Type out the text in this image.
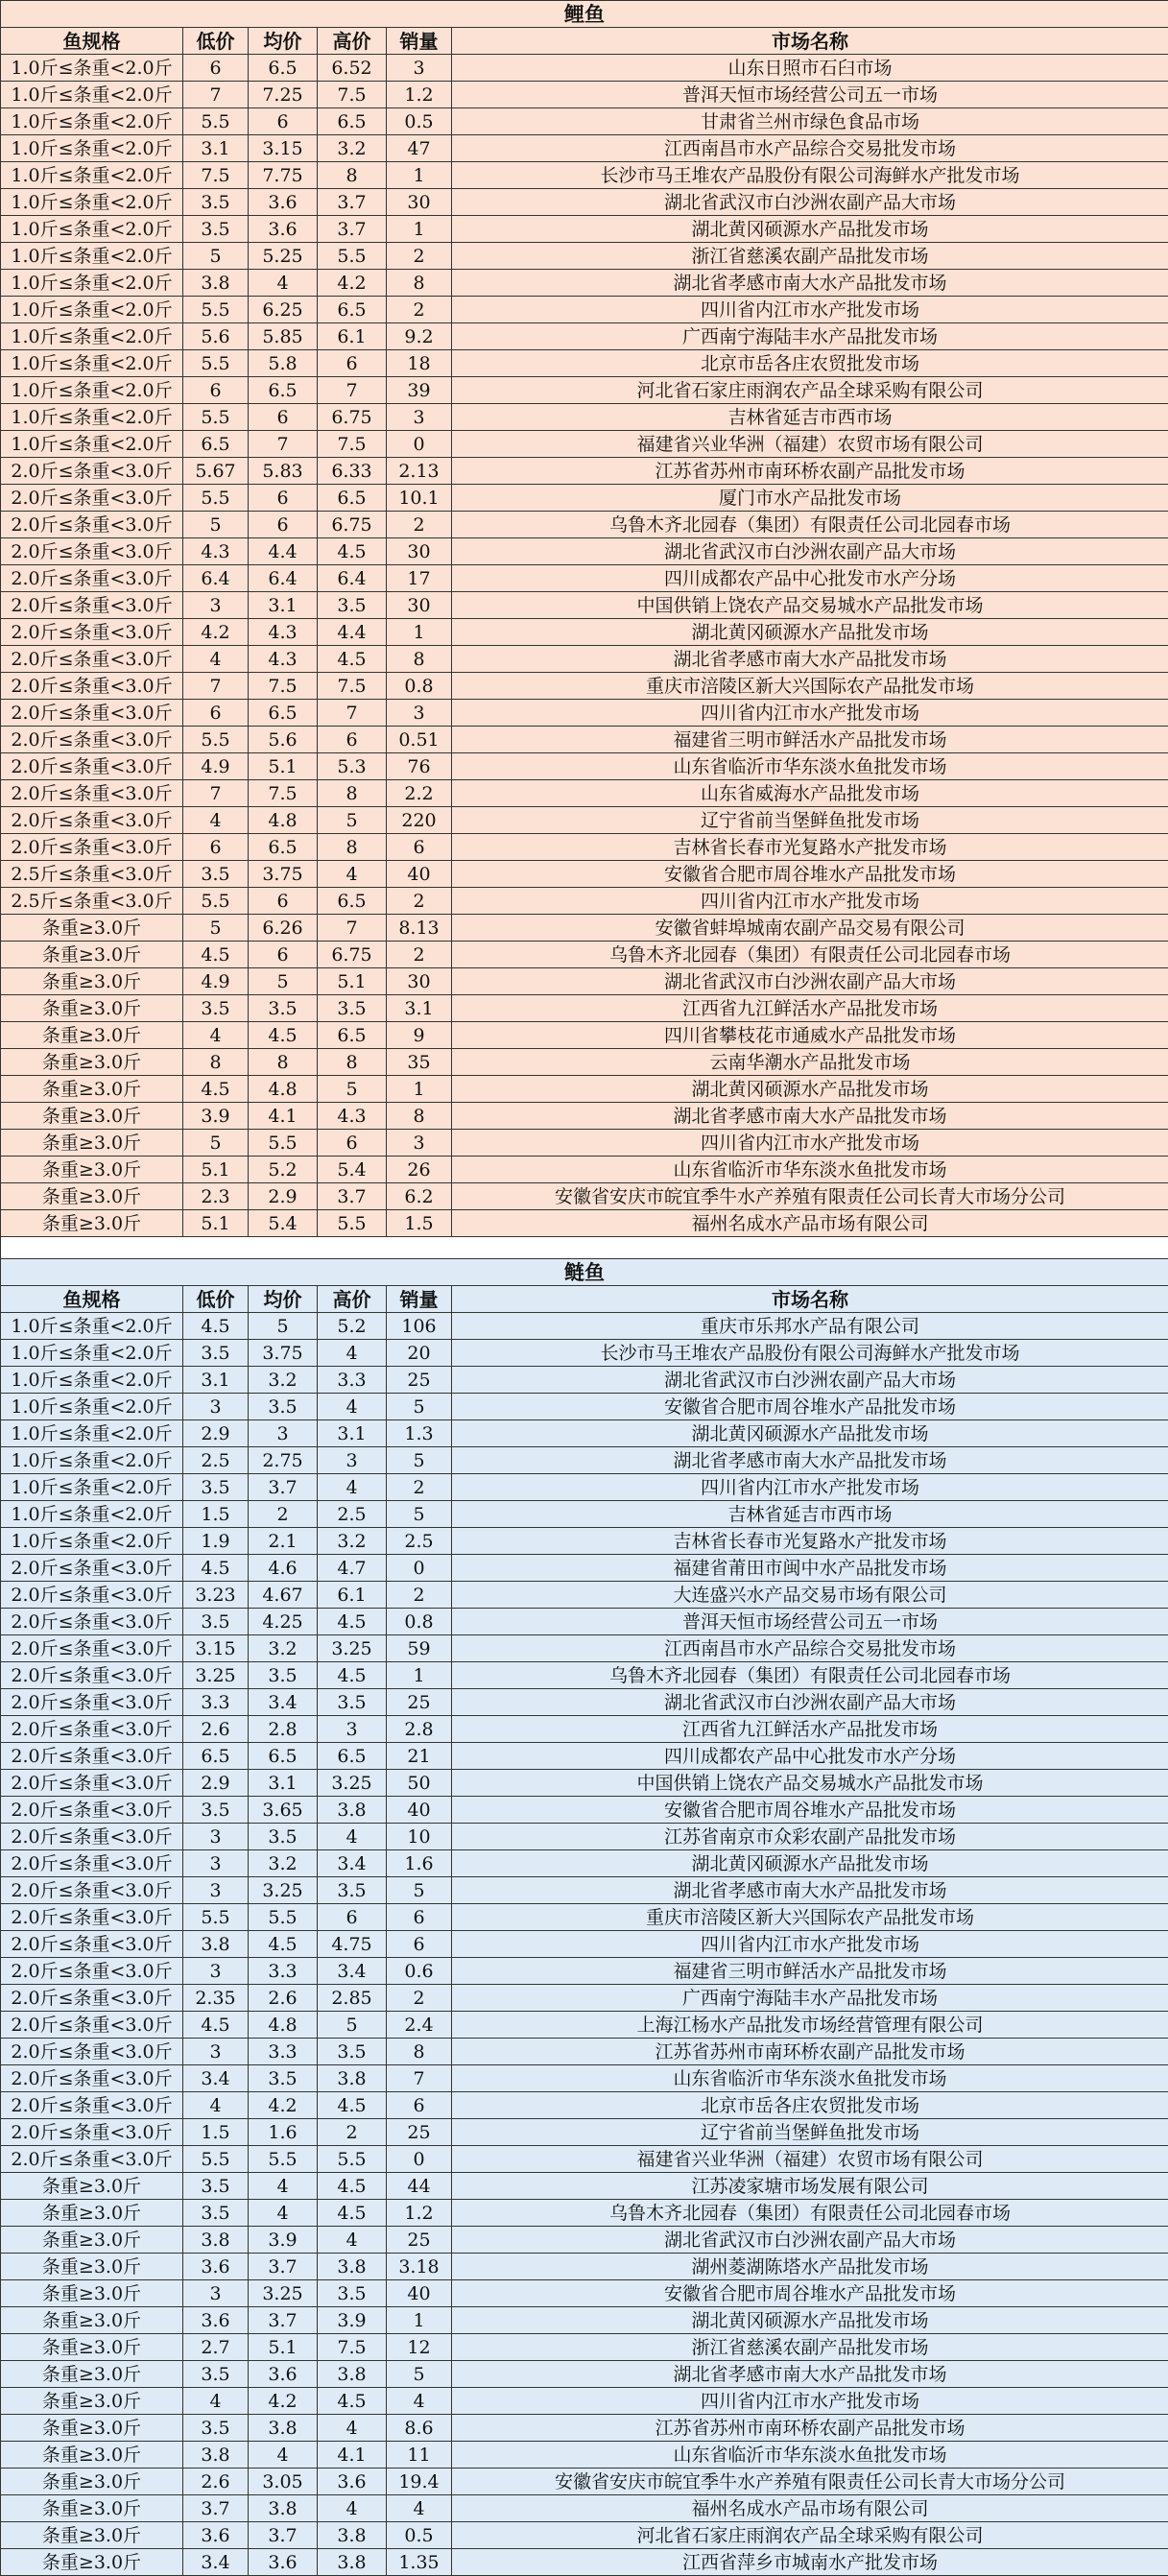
鲤鱼					
鱼规格	低价	均价	高价	销量	市场名称
1.0斤≤条重<2.0斤	6	6.5	6.52	3	山东日照市石臼市场
1.0斤≤条重<2.0斤	7	7.25	7.5	1.2	普洱天恒市场经营公司五一市场
1.0斤≤条重<2.0斤	5.5	6	6.5	0.5	甘肃省兰州市绿色食品市场
1.0斤≤条重<2.0斤	3.1	3.15	3.2	47	江西南昌市水产品综合交易批发市场
1.0斤≤条重<2.0斤	7.5	7.75	8	1	长沙市马王堆农产品股份有限公司海鲜水产批发市场
1.0斤≤条重<2.0斤	3.5	3.6	3.7	30	湖北省武汉市白沙洲农副产品大市场
1.0斤≤条重<2.0斤	3.5	3.6	3.7	1	湖北黄冈硕源水产品批发市场
1.0斤≤条重<2.0斤	5	5.25	5.5	2	浙江省慈溪农副产品批发市场
1.0斤≤条重<2.0斤	3.8	4	4.2	8	湖北省孝感市南大水产品批发市场
1.0斤≤条重<2.0斤	5.5	6.25	6.5	2	四川省内江市水产批发市场
1.0斤≤条重<2.0斤	5.6	5.85	6.1	9.2	广西南宁海陆丰水产品批发市场
1.0斤≤条重<2.0斤	5.5	5.8	6	18	北京市岳各庄农贸批发市场
1.0斤≤条重<2.0斤	6	6.5	7	39	河北省石家庄雨润农产品全球采购有限公司
1.0斤≤条重<2.0斤	5.5	6	6.75	3	吉林省延吉市西市场
1.0斤≤条重<2.0斤	6.5	7	7.5	0	福建省兴业华洲（福建）农贸市场有限公司
2.0斤≤条重<3.0斤	5.67	5.83	6.33	2.13	江苏省苏州市南环桥农副产品批发市场
2.0斤≤条重<3.0斤	5.5	6	6.5	10.1	厦门市水产品批发市场
2.0斤≤条重<3.0斤	5	6	6.75	2	乌鲁木齐北园春（集团）有限责任公司北园春市场
2.0斤≤条重<3.0斤	4.3	4.4	4.5	30	湖北省武汉市白沙洲农副产品大市场
2.0斤≤条重<3.0斤	6.4	6.4	6.4	17	四川成都农产品中心批发市水产分场
2.0斤≤条重<3.0斤	3	3.1	3.5	30	中国供销上饶农产品交易城水产品批发市场
2.0斤≤条重<3.0斤	4.2	4.3	4.4	1	湖北黄冈硕源水产品批发市场
2.0斤≤条重<3.0斤	4	4.3	4.5	8	湖北省孝感市南大水产品批发市场
2.0斤≤条重<3.0斤	7	7.5	7.5	0.8	重庆市涪陵区新大兴国际农产品批发市场
2.0斤≤条重<3.0斤	6	6.5	7	3	四川省内江市水产批发市场
2.0斤≤条重<3.0斤	5.5	5.6	6	0.51	福建省三明市鲜活水产品批发市场
2.0斤≤条重<3.0斤	4.9	5.1	5.3	76	山东省临沂市华东淡水鱼批发市场
2.0斤≤条重<3.0斤	7	7.5	8	2.2	山东省威海水产品批发市场
2.0斤≤条重<3.0斤	4	4.8	5	220	辽宁省前当堡鲜鱼批发市场
2.0斤≤条重<3.0斤	6	6.5	8	6	吉林省长春市光复路水产批发市场
2.5斤≤条重<3.0斤	3.5	3.75	4	40	安徽省合肥市周谷堆水产品批发市场
2.5斤≤条重<3.0斤	5.5	6	6.5	2	四川省内江市水产批发市场
条重≥3.0斤	5	6.26	7	8.13	安徽省蚌埠城南农副产品交易有限公司
条重≥3.0斤	4.5	6	6.75	2	乌鲁木齐北园春（集团）有限责任公司北园春市场
条重≥3.0斤	4.9	5	5.1	30	湖北省武汉市白沙洲农副产品大市场
条重≥3.0斤	3.5	3.5	3.5	3.1	江西省九江鲜活水产品批发市场
条重≥3.0斤	4	4.5	6.5	9	四川省攀枝花市通威水产品批发市场
条重≥3.0斤	8	8	8	35	云南华潮水产品批发市场
条重≥3.0斤	4.5	4.8	5	1	湖北黄冈硕源水产品批发市场
条重≥3.0斤	3.9	4.1	4.3	8	湖北省孝感市南大水产品批发市场
条重≥3.0斤	5	5.5	6	3	四川省内江市水产批发市场
条重≥3.0斤	5.1	5.2	5.4	26	山东省临沂市华东淡水鱼批发市场
条重≥3.0斤	2.3	2.9	3.7	6.2	安徽省安庆市皖宜季牛水产养殖有限责任公司长青大市场分公司
条重≥3.0斤	5.1	5.4	5.5	1.5	福州名成水产品市场有限公司

鲢鱼					
鱼规格	低价	均价	高价	销量	市场名称
1.0斤≤条重<2.0斤	4.5	5	5.2	106	重庆市乐邦水产品有限公司
1.0斤≤条重<2.0斤	3.5	3.75	4	20	长沙市马王堆农产品股份有限公司海鲜水产批发市场
1.0斤≤条重<2.0斤	3.1	3.2	3.3	25	湖北省武汉市白沙洲农副产品大市场
1.0斤≤条重<2.0斤	3	3.5	4	5	安徽省合肥市周谷堆水产品批发市场
1.0斤≤条重<2.0斤	2.9	3	3.1	1.3	湖北黄冈硕源水产品批发市场
1.0斤≤条重<2.0斤	2.5	2.75	3	5	湖北省孝感市南大水产品批发市场
1.0斤≤条重<2.0斤	3.5	3.7	4	2	四川省内江市水产批发市场
1.0斤≤条重<2.0斤	1.5	2	2.5	5	吉林省延吉市西市场
1.0斤≤条重<2.0斤	1.9	2.1	3.2	2.5	吉林省长春市光复路水产批发市场
2.0斤≤条重<3.0斤	4.5	4.6	4.7	0	福建省莆田市闽中水产品批发市场
2.0斤≤条重<3.0斤	3.23	4.67	6.1	2	大连盛兴水产品交易市场有限公司
2.0斤≤条重<3.0斤	3.5	4.25	4.5	0.8	普洱天恒市场经营公司五一市场
2.0斤≤条重<3.0斤	3.15	3.2	3.25	59	江西南昌市水产品综合交易批发市场
2.0斤≤条重<3.0斤	3.25	3.5	4.5	1	乌鲁木齐北园春（集团）有限责任公司北园春市场
2.0斤≤条重<3.0斤	3.3	3.4	3.5	25	湖北省武汉市白沙洲农副产品大市场
2.0斤≤条重<3.0斤	2.6	2.8	3	2.8	江西省九江鲜活水产品批发市场
2.0斤≤条重<3.0斤	6.5	6.5	6.5	21	四川成都农产品中心批发市水产分场
2.0斤≤条重<3.0斤	2.9	3.1	3.25	50	中国供销上饶农产品交易城水产品批发市场
2.0斤≤条重<3.0斤	3.5	3.65	3.8	40	安徽省合肥市周谷堆水产品批发市场
2.0斤≤条重<3.0斤	3	3.5	4	10	江苏省南京市众彩农副产品批发市场
2.0斤≤条重<3.0斤	3	3.2	3.4	1.6	湖北黄冈硕源水产品批发市场
2.0斤≤条重<3.0斤	3	3.25	3.5	5	湖北省孝感市南大水产品批发市场
2.0斤≤条重<3.0斤	5.5	5.5	6	6	重庆市涪陵区新大兴国际农产品批发市场
2.0斤≤条重<3.0斤	3.8	4.5	4.75	6	四川省内江市水产批发市场
2.0斤≤条重<3.0斤	3	3.3	3.4	0.6	福建省三明市鲜活水产品批发市场
2.0斤≤条重<3.0斤	2.35	2.6	2.85	2	广西南宁海陆丰水产品批发市场
2.0斤≤条重<3.0斤	4.5	4.8	5	2.4	上海江杨水产品批发市场经营管理有限公司
2.0斤≤条重<3.0斤	3	3.3	3.5	8	江苏省苏州市南环桥农副产品批发市场
2.0斤≤条重<3.0斤	3.4	3.5	3.8	7	山东省临沂市华东淡水鱼批发市场
2.0斤≤条重<3.0斤	4	4.2	4.5	6	北京市岳各庄农贸批发市场
2.0斤≤条重<3.0斤	1.5	1.6	2	25	辽宁省前当堡鲜鱼批发市场
2.0斤≤条重<3.0斤	5.5	5.5	5.5	0	福建省兴业华洲（福建）农贸市场有限公司
条重≥3.0斤	3.5	4	4.5	44	江苏凌家塘市场发展有限公司
条重≥3.0斤	3.5	4	4.5	1.2	乌鲁木齐北园春（集团）有限责任公司北园春市场
条重≥3.0斤	3.8	3.9	4	25	湖北省武汉市白沙洲农副产品大市场
条重≥3.0斤	3.6	3.7	3.8	3.18	湖州菱湖陈塔水产品批发市场
条重≥3.0斤	3	3.25	3.5	40	安徽省合肥市周谷堆水产品批发市场
条重≥3.0斤	3.6	3.7	3.9	1	湖北黄冈硕源水产品批发市场
条重≥3.0斤	2.7	5.1	7.5	12	浙江省慈溪农副产品批发市场
条重≥3.0斤	3.5	3.6	3.8	5	湖北省孝感市南大水产品批发市场
条重≥3.0斤	4	4.2	4.5	4	四川省内江市水产批发市场
条重≥3.0斤	3.5	3.8	4	8.6	江苏省苏州市南环桥农副产品批发市场
条重≥3.0斤	3.8	4	4.1	11	山东省临沂市华东淡水鱼批发市场
条重≥3.0斤	2.6	3.05	3.6	19.4	安徽省安庆市皖宜季牛水产养殖有限责任公司长青大市场分公司
条重≥3.0斤	3.7	3.8	4	4	福州名成水产品市场有限公司
条重≥3.0斤	3.6	3.7	3.8	0.5	河北省石家庄雨润农产品全球采购有限公司
条重≥3.0斤	3.4	3.6	3.8	1.35	江西省萍乡市城南水产批发市场
